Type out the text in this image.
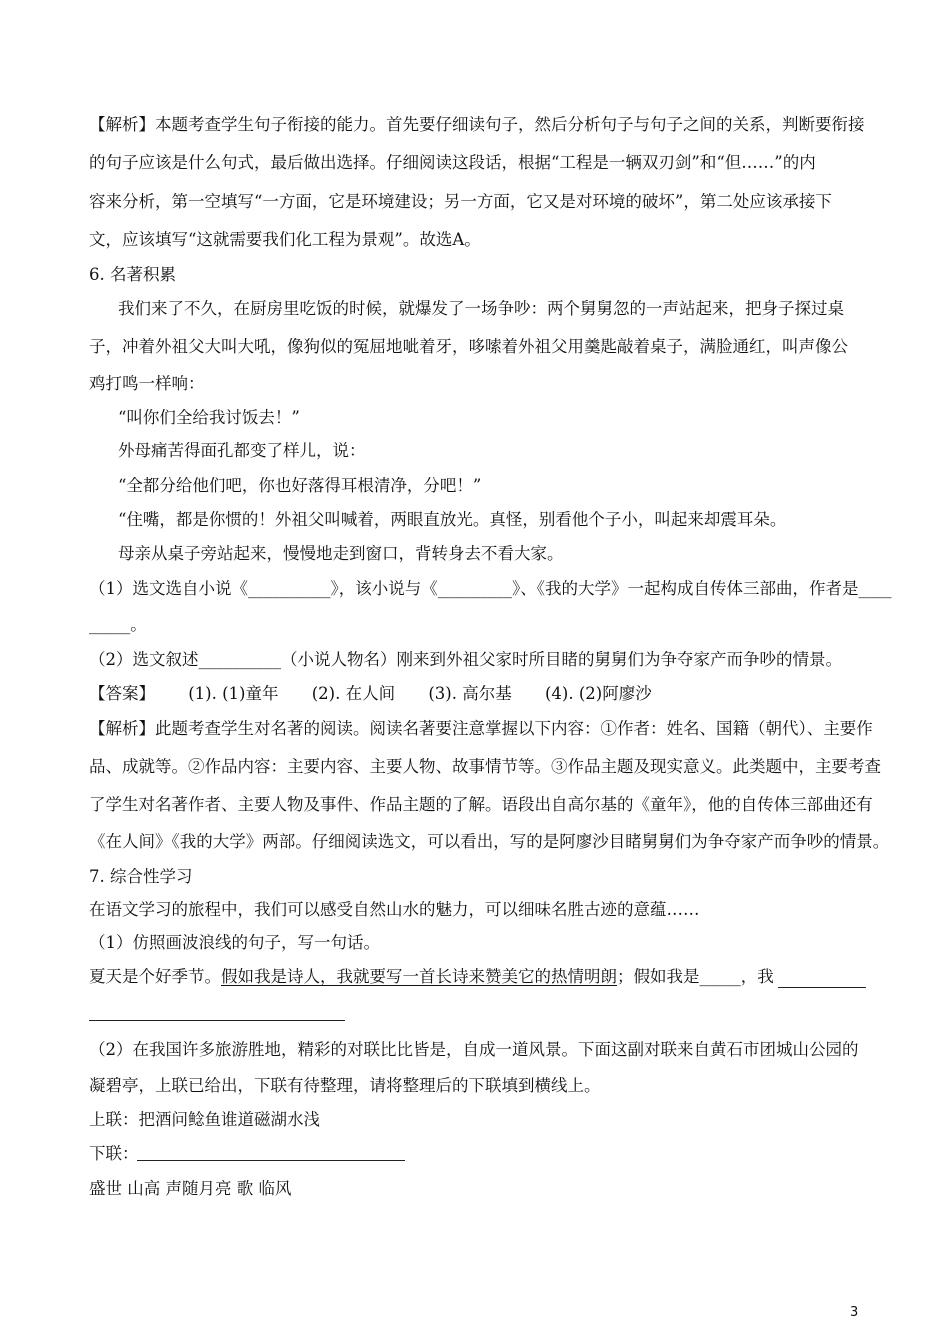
【解析】本题考查学生句子衔接的能力。首先要仔细读句子，然后分析句子与句子之间的关系，判断要衔接
的句子应该是什么句式，最后做出选择。仔细阅读这段话，根据“工程是一辆双刃剑”和“但……”的内
容来分析，第一空填写“一方面，它是环境建设；另一方面，它又是对环境的破坏”，第二处应该承接下
文，应该填写“这就需要我们化工程为景观”。故选A。
6. 名著积累
我们来了不久，在厨房里吃饭的时候，就爆发了一场争吵：两个舅舅忽的一声站起来，把身子探过桌
子，冲着外祖父大叫大吼，像狗似的冤屈地呲着牙，哆嗦着外祖父用羹匙敲着桌子，满脸通红，叫声像公
鸡打鸣一样响：
“叫你们全给我讨饭去！”
外母痛苦得面孔都变了样儿，说：
“全都分给他们吧，你也好落得耳根清净，分吧！”
“住嘴，都是你惯的！外祖父叫喊着，两眼直放光。真怪，别看他个子小，叫起来却震耳朵。
母亲从桌子旁站起来，慢慢地走到窗口，背转身去不看大家。
（1）选文选自小说《__________》，该小说与《_________》、《我的大学》一起构成自传体三部曲，作者是____
_____。
（2）选文叙述__________（小说人物名）刚来到外祖父家时所目睹的舅舅们为争夺家产而争吵的情景。
【答案】 (1). (1)童年 (2). 在人间 (3). 高尔基 (4). (2)阿廖沙
【解析】此题考查学生对名著的阅读。阅读名著要注意掌握以下内容：①作者：姓名、国籍（朝代）、主要作
品、成就等。②作品内容：主要内容、主要人物、故事情节等。③作品主题及现实意义。此类题中，主要考查
了学生对名著作者、主要人物及事件、作品主题的了解。语段出自高尔基的《童年》，他的自传体三部曲还有
《在人间》《我的大学》两部。仔细阅读选文，可以看出，写的是阿廖沙目睹舅舅们为争夺家产而争吵的情景。
7. 综合性学习
在语文学习的旅程中，我们可以感受自然山水的魅力，可以细味名胜古迹的意蕴……
（1）仿照画波浪线的句子，写一句话。
夏天是个好季节。假如我是诗人，我就要写一首长诗来赞美它的热情明朗；假如我是_____，我
（2）在我国许多旅游胜地，精彩的对联比比皆是，自成一道风景。下面这副对联来自黄石市团城山公园的
凝碧亭，上联已给出，下联有待整理，请将整理后的下联填到横线上。
上联：把酒问鲶鱼谁道磁湖水浅
下联：
盛世 山高 声随月亮 歌 临风
3
